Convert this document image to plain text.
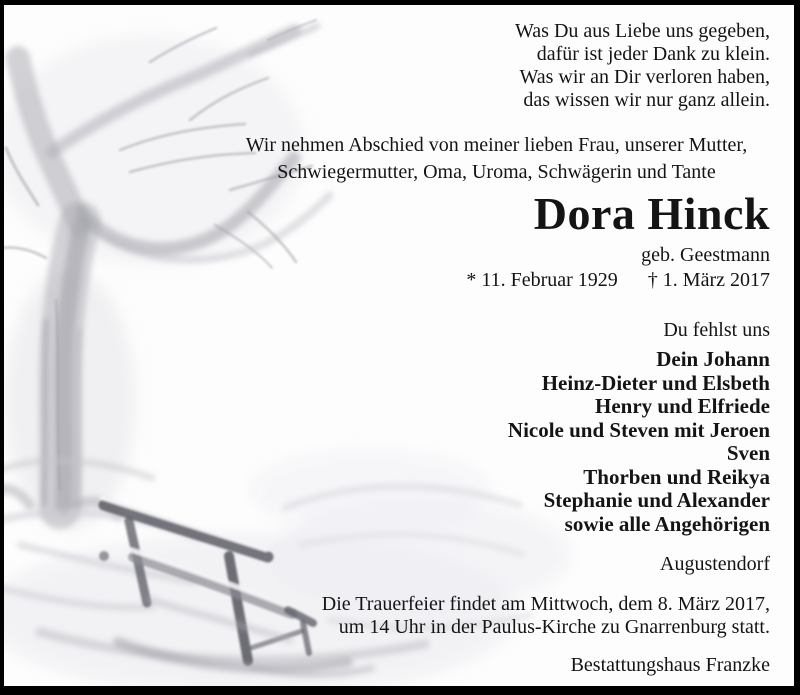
Was Du aus Liebe uns gegeben,
dafür ist jeder Dank zu klein.
Was wir an Dir verloren haben,
das wissen wir nur ganz allein.
Wir nehmen Abschied von meiner lieben Frau, unserer Mutter,
Schwiegermutter, Oma, Uroma, Schwägerin und Tante
Dora Hinck
geb. Geestmann
* 11. Februar 1929 † 1. März 2017
Du fehlst uns
Dein Johann
Heinz-Dieter und Elsbeth
Henry und Elfriede
Nicole und Steven mit Jeroen
Sven
Thorben und Reikya
Stephanie und Alexander
sowie alle Angehörigen
Augustendorf
Die Trauerfeier findet am Mittwoch, dem 8. März 2017,
um 14 Uhr in der Paulus-Kirche zu Gnarrenburg statt.
Bestattungshaus Franzke
